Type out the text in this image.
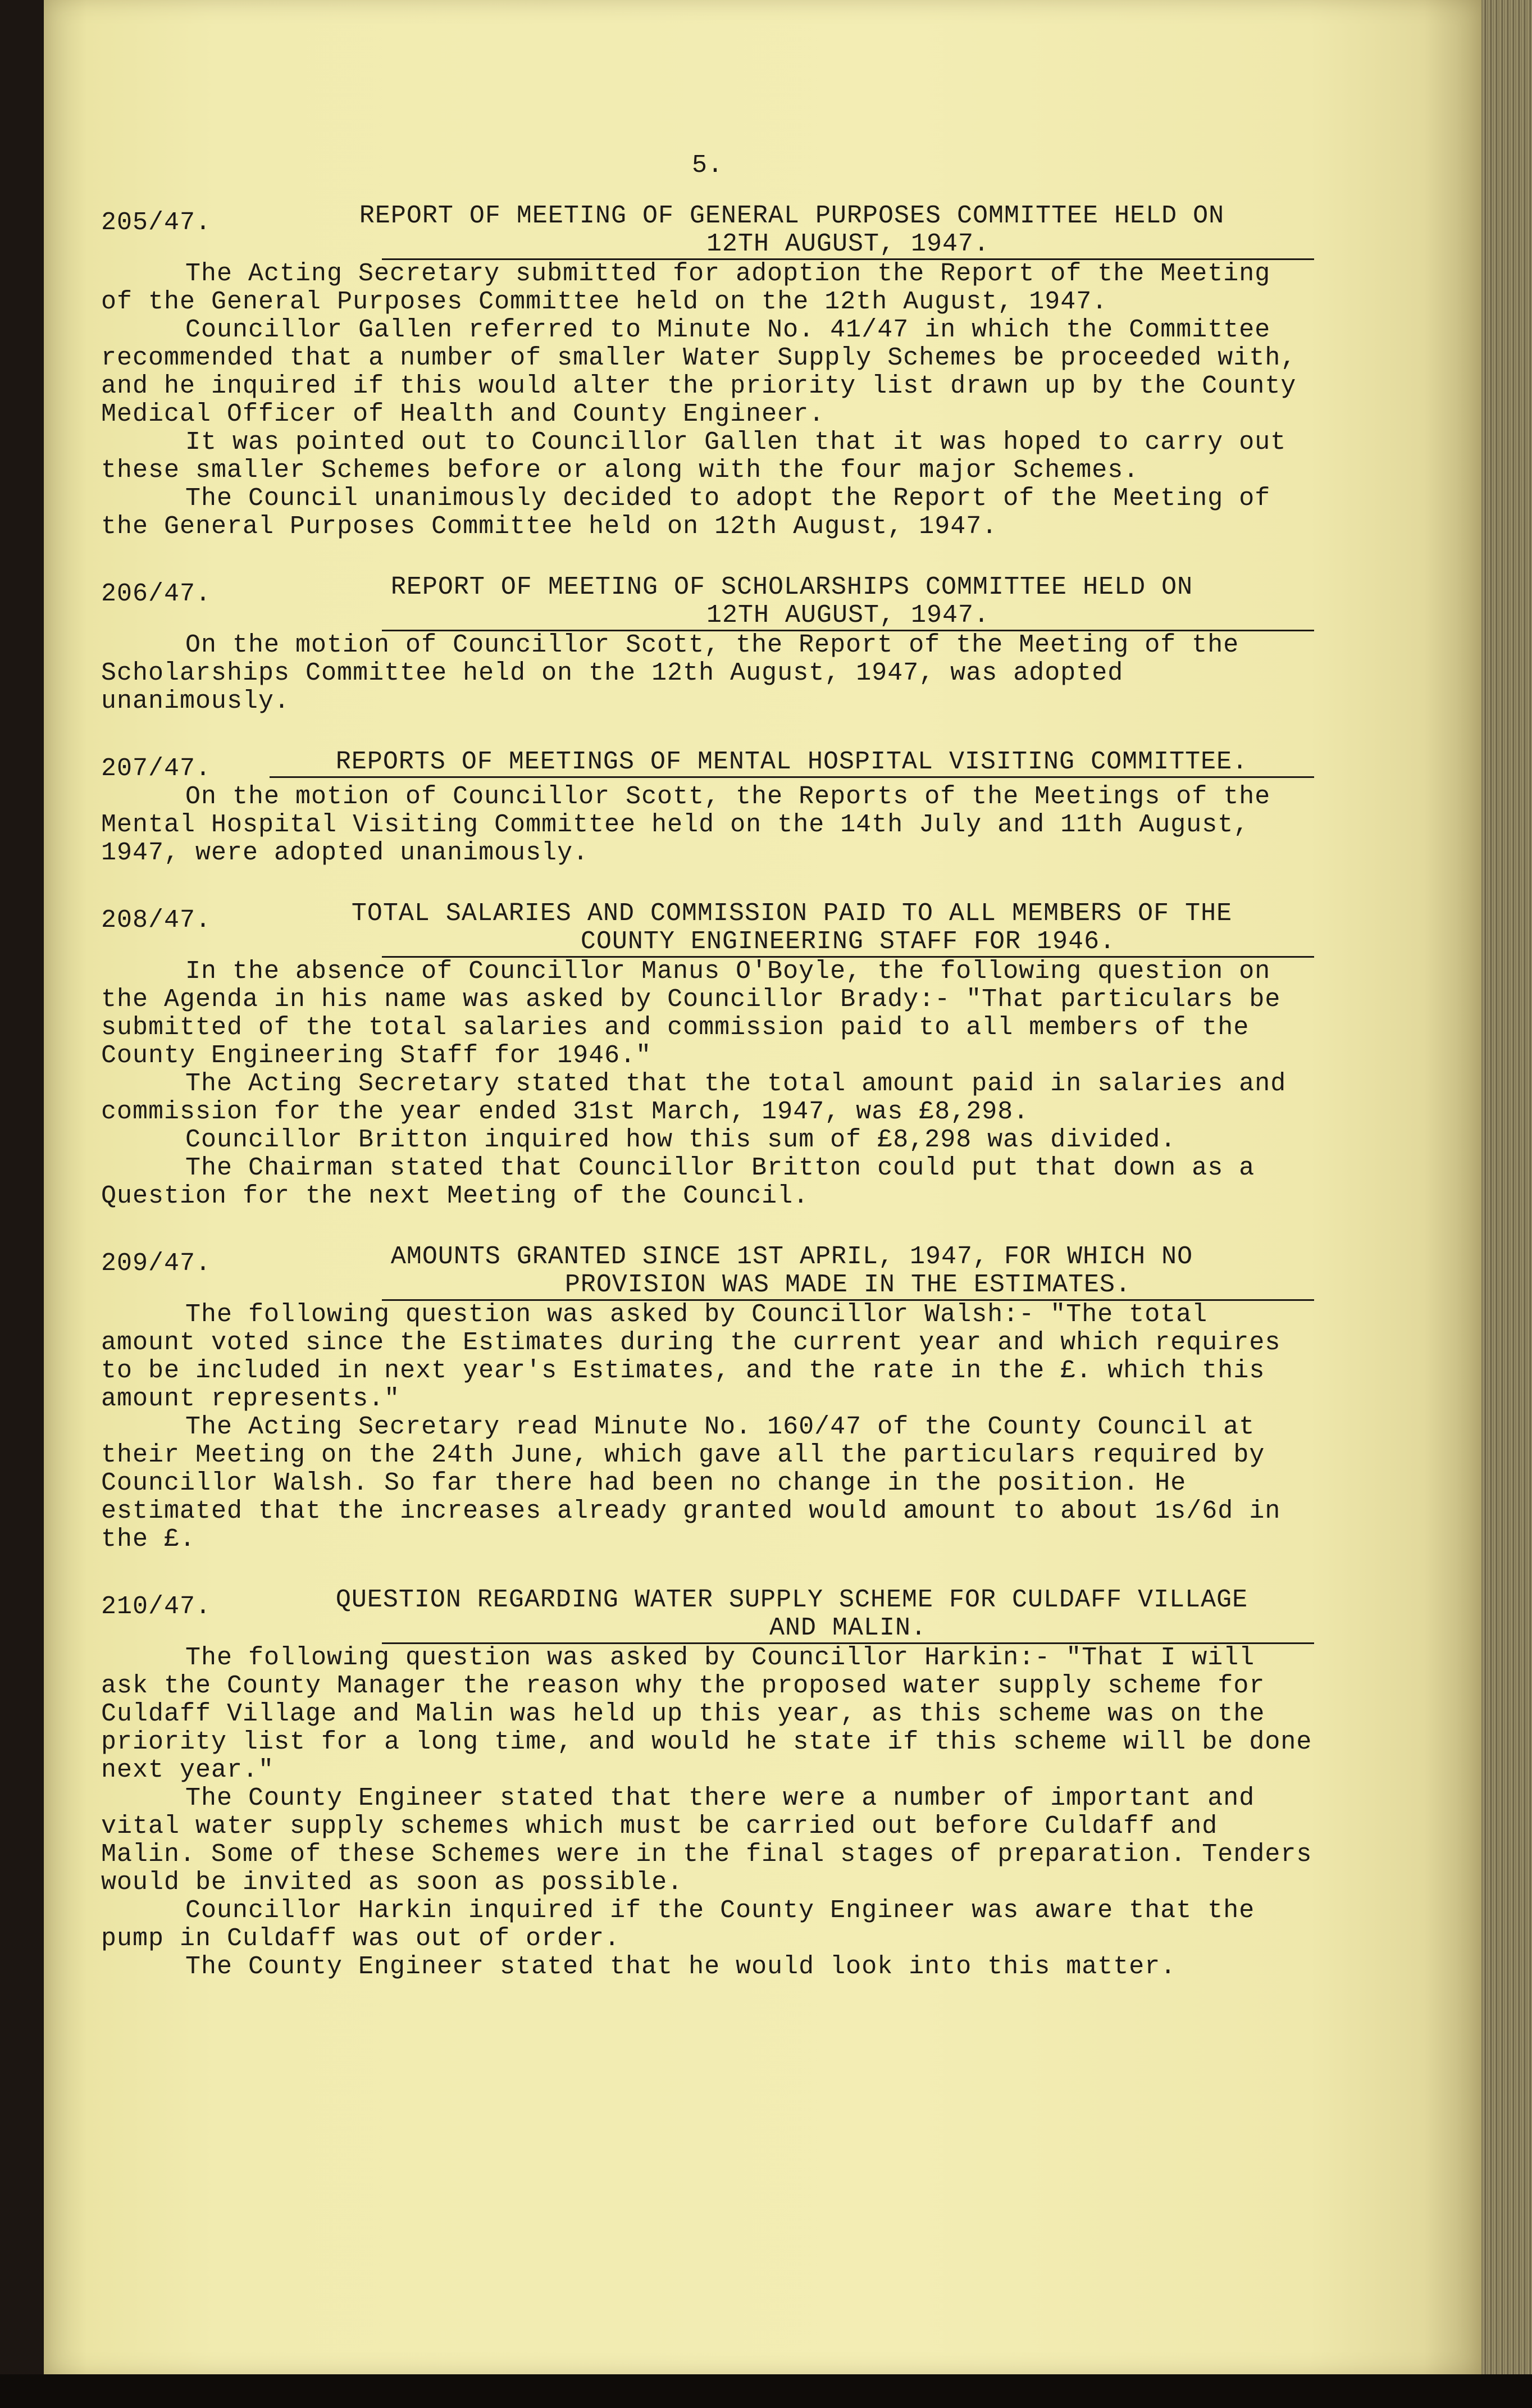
5.
205/47.	REPORT OF MEETING OF GENERAL PURPOSES COMMITTEE HELD ON
12TH AUGUST, 1947.

The Acting Secretary submitted for adoption the Report of the Meeting of the General Purposes Committee held on the 12th August, 1947.

Councillor Gallen referred to Minute No. 41/47 in which the Committee recommended that a number of smaller Water Supply Schemes be proceeded with, and he inquired if this would alter the priority list drawn up by the County Medical Officer of Health and County Engineer.

It was pointed out to Councillor Gallen that it was hoped to carry out these smaller Schemes before or along with the four major Schemes.

The Council unanimously decided to adopt the Report of the Meeting of the General Purposes Committee held on 12th August, 1947.

206/47.	REPORT OF MEETING OF SCHOLARSHIPS COMMITTEE HELD ON
12TH AUGUST, 1947.

On the motion of Councillor Scott, the Report of the Meeting of the Scholarships Committee held on the 12th August, 1947, was adopted unanimously.

207/47.	REPORTS OF MEETINGS OF MENTAL HOSPITAL VISITING COMMITTEE.

On the motion of Councillor Scott, the Reports of the Meetings of the Mental Hospital Visiting Committee held on the 14th July and 11th August, 1947, were adopted unanimously.

208/47.	TOTAL SALARIES AND COMMISSION PAID TO ALL MEMBERS OF THE
COUNTY ENGINEERING STAFF FOR 1946.

In the absence of Councillor Manus O'Boyle, the following question on the Agenda in his name was asked by Councillor Brady:- "That particulars be submitted of the total salaries and commission paid to all members of the County Engineering Staff for 1946."

The Acting Secretary stated that the total amount paid in salaries and commission for the year ended 31st March, 1947, was £8,298.

Councillor Britton inquired how this sum of £8,298 was divided.

The Chairman stated that Councillor Britton could put that down as a Question for the next Meeting of the Council.

209/47.	AMOUNTS GRANTED SINCE 1ST APRIL, 1947, FOR WHICH NO
PROVISION WAS MADE IN THE ESTIMATES.

The following question was asked by Councillor Walsh:- "The total amount voted since the Estimates during the current year and which requires to be included in next year's Estimates, and the rate in the £. which this amount represents."

The Acting Secretary read Minute No. 160/47 of the County Council at their Meeting on the 24th June, which gave all the particulars required by Councillor Walsh. So far there had been no change in the position. He estimated that the increases already granted would amount to about 1s/6d in the £.

210/47.	QUESTION REGARDING WATER SUPPLY SCHEME FOR CULDAFF VILLAGE
AND MALIN.

The following question was asked by Councillor Harkin:- "That I will ask the County Manager the reason why the proposed water supply scheme for Culdaff Village and Malin was held up this year, as this scheme was on the priority list for a long time, and would he state if this scheme will be done next year."

The County Engineer stated that there were a number of important and vital water supply schemes which must be carried out before Culdaff and Malin. Some of these Schemes were in the final stages of preparation. Tenders would be invited as soon as possible.

Councillor Harkin inquired if the County Engineer was aware that the pump in Culdaff was out of order.

The County Engineer stated that he would look into this matter.
